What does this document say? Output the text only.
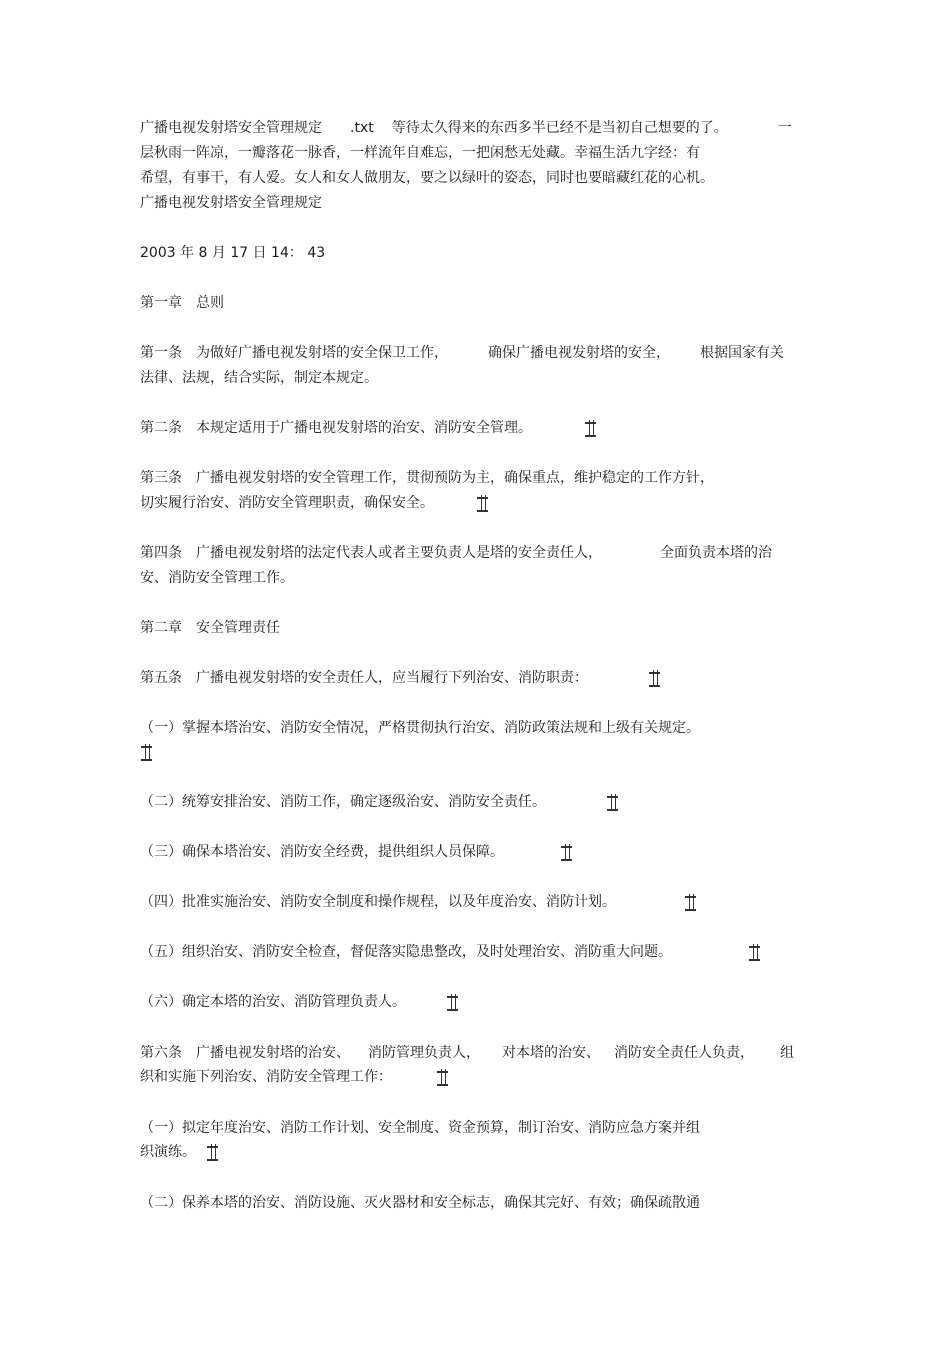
广播电视发射塔安全管理规定 .txt 等待太久得来的东西多半已经不是当初自己想要的了。	一
层秋雨一阵凉，一瓣落花一脉香，一样流年自难忘，一把闲愁无处藏。幸福生活九字经：有
希望，有事干，有人爱。女人和女人做朋友，要之以绿叶的姿态，同时也要暗藏红花的心机。
广播电视发射塔安全管理规定
2003 年 8 月 17 日 14： 43
第一章　总则
第一条　为做好广播电视发射塔的安全保卫工作，	确保广播电视发射塔的安全， 根据国家有关
法律、法规，结合实际，制定本规定。
第二条　本规定适用于广播电视发射塔的治安、消防安全管理。
第三条　广播电视发射塔的安全管理工作，贯彻预防为主，确保重点，维护稳定的工作方针，
切实履行治安、消防安全管理职责，确保安全。
第四条　广播电视发射塔的法定代表人或者主要负责人是塔的安全责任人，	全面负责本塔的治
安、消防安全管理工作。
第二章　安全管理责任
第五条　广播电视发射塔的安全责任人，应当履行下列治安、消防职责：
（一）掌握本塔治安、消防安全情况，严格贯彻执行治安、消防政策法规和上级有关规定。
（二）统筹安排治安、消防工作，确定逐级治安、消防安全责任。
（三）确保本塔治安、消防安全经费，提供组织人员保障。
（四）批准实施治安、消防安全制度和操作规程，以及年度治安、消防计划。
（五）组织治安、消防安全检查，督促落实隐患整改，及时处理治安、消防重大问题。
（六）确定本塔的治安、消防管理负责人。
第六条　广播电视发射塔的治安、 消防管理负责人， 对本塔的治安、 消防安全责任人负责， 组
织和实施下列治安、消防安全管理工作：
（一）拟定年度治安、消防工作计划、安全制度、资金预算，制订治安、消防应急方案并组
织演练。
（二）保养本塔的治安、消防设施、灭火器材和安全标志，确保其完好、有效；确保疏散通
